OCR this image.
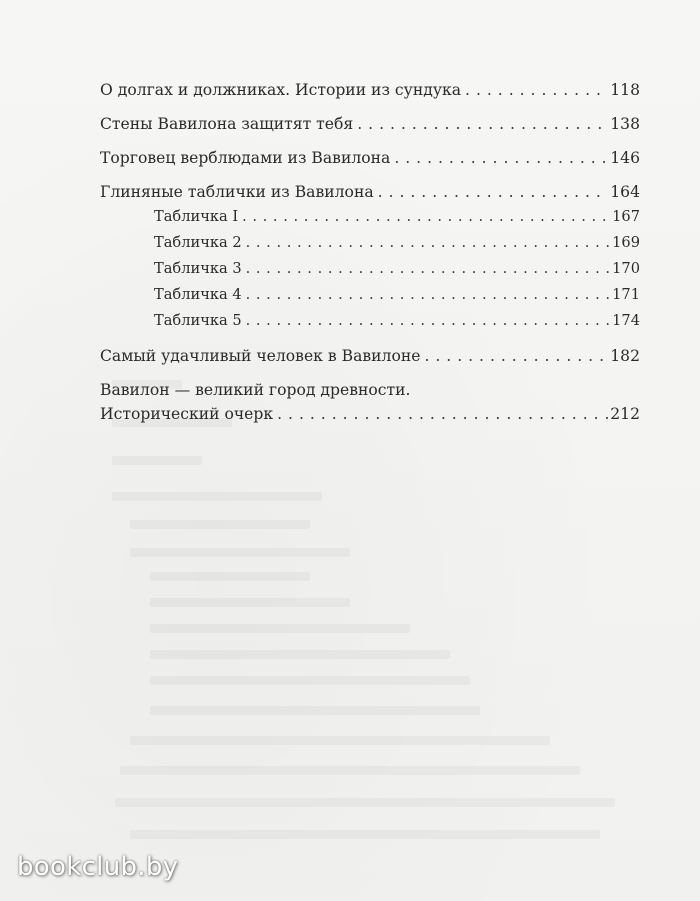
О долгах и должниках. Истории из сундука . . .	118
Стены Вавилона защитят тебя . . .	138
Торговец верблюдами из Вавилона . . .	146
Глиняные таблички из Вавилона . . .	164
Табличка I . . .	167
Табличка 2 . . .	169
Табличка 3 . . .	170
Табличка 4 . . .	171
Табличка 5 . . .	174
Самый удачливый человек в Вавилоне . . .	182
Вавилон — великий город древности.
Исторический очерк . . .	212
bookclub.by
